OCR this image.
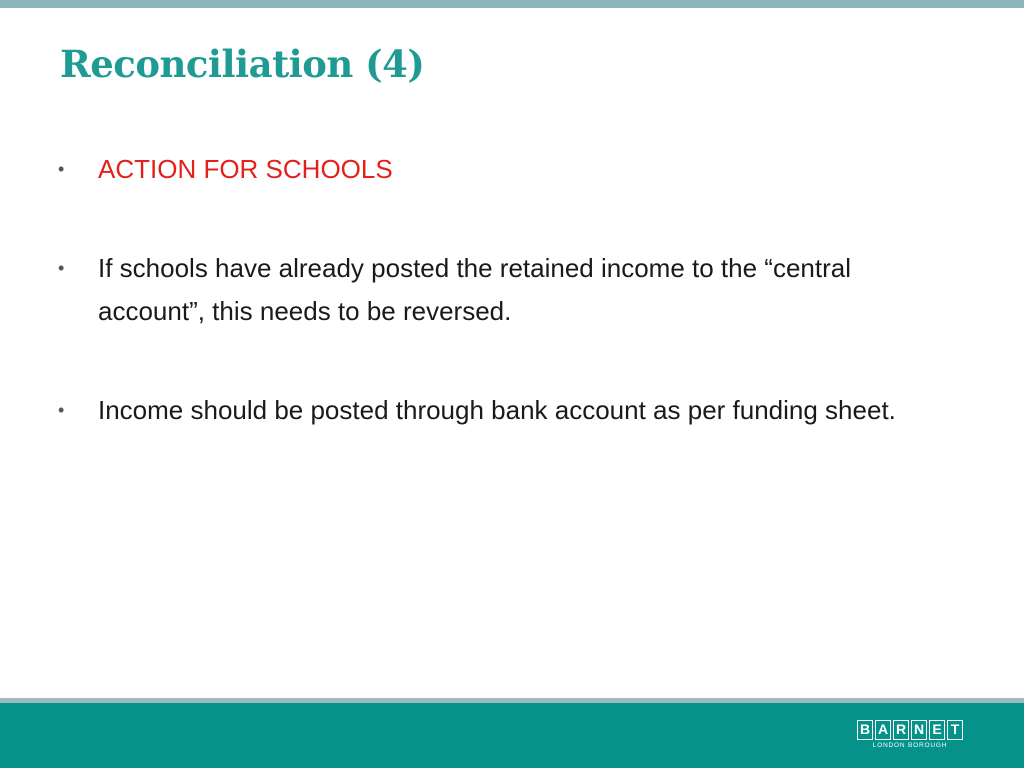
Reconciliation (4)
• ACTION FOR SCHOOLS
• If schools have already posted the retained income to the “central account”, this needs to be reversed.
• Income should be posted through bank account as per funding sheet.
B A R N E T
LONDON BOROUGH
